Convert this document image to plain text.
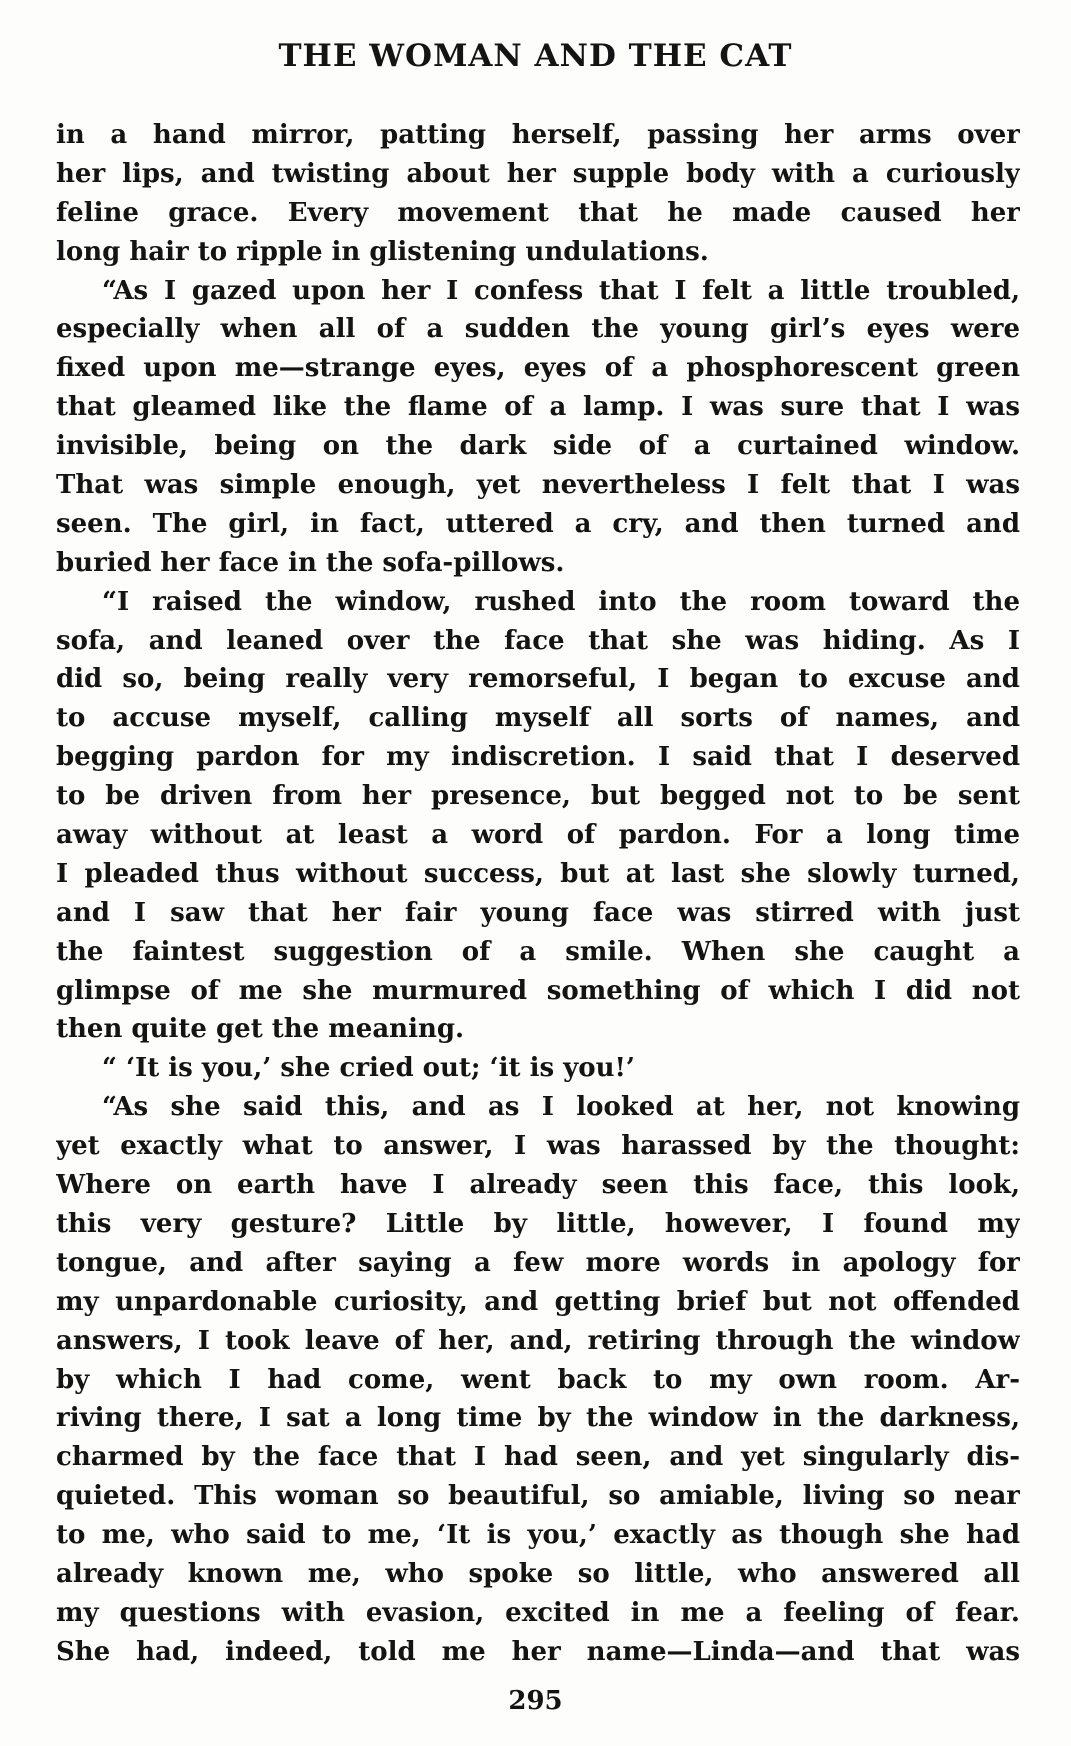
THE WOMAN AND THE CAT
in a hand mirror, patting herself, passing her arms over
her lips, and twisting about her supple body with a curiously
feline grace. Every movement that he made caused her
long hair to ripple in glistening undulations.
“As I gazed upon her I confess that I felt a little troubled,
especially when all of a sudden the young girl’s eyes were
fixed upon me—strange eyes, eyes of a phosphorescent green
that gleamed like the flame of a lamp. I was sure that I was
invisible, being on the dark side of a curtained window.
That was simple enough, yet nevertheless I felt that I was
seen. The girl, in fact, uttered a cry, and then turned and
buried her face in the sofa-pillows.
“I raised the window, rushed into the room toward the
sofa, and leaned over the face that she was hiding. As I
did so, being really very remorseful, I began to excuse and
to accuse myself, calling myself all sorts of names, and
begging pardon for my indiscretion. I said that I deserved
to be driven from her presence, but begged not to be sent
away without at least a word of pardon. For a long time
I pleaded thus without success, but at last she slowly turned,
and I saw that her fair young face was stirred with just
the faintest suggestion of a smile. When she caught a
glimpse of me she murmured something of which I did not
then quite get the meaning.
“ ‘It is you,’ she cried out; ‘it is you!’
“As she said this, and as I looked at her, not knowing
yet exactly what to answer, I was harassed by the thought:
Where on earth have I already seen this face, this look,
this very gesture? Little by little, however, I found my
tongue, and after saying a few more words in apology for
my unpardonable curiosity, and getting brief but not offended
answers, I took leave of her, and, retiring through the window
by which I had come, went back to my own room. Ar-
riving there, I sat a long time by the window in the darkness,
charmed by the face that I had seen, and yet singularly dis-
quieted. This woman so beautiful, so amiable, living so near
to me, who said to me, ‘It is you,’ exactly as though she had
already known me, who spoke so little, who answered all
my questions with evasion, excited in me a feeling of fear.
She had, indeed, told me her name—Linda—and that was
295
